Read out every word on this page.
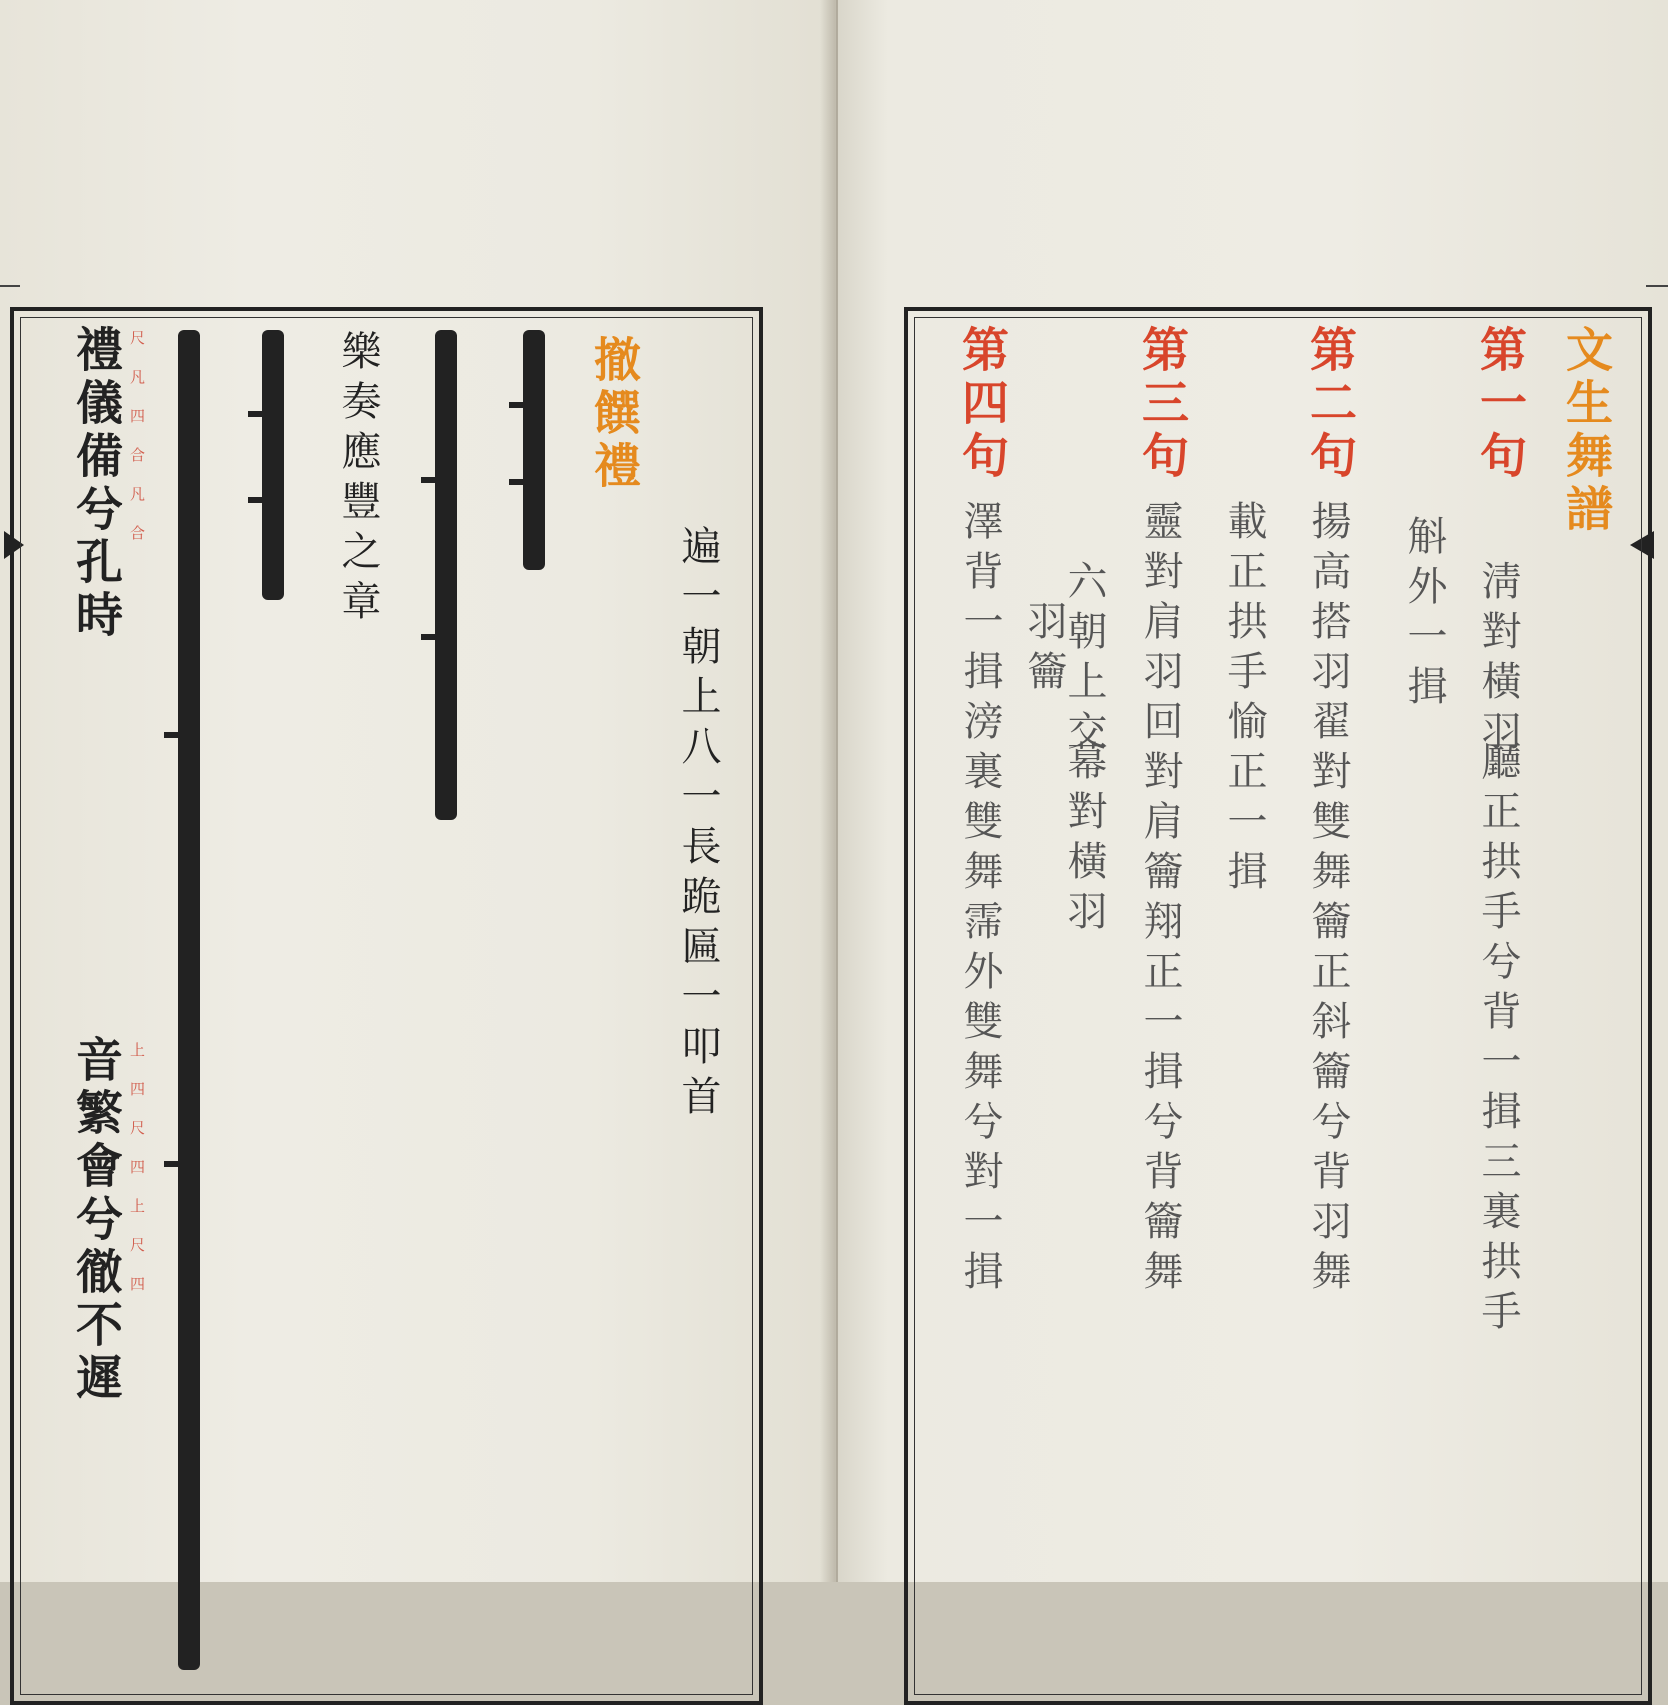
撤饌禮
遍一朝上八一長跪匾一叩首
樂奏應豐之章
禮儀備兮孔時 尺凡四合凡合
音繁會兮徹不遲 上四尺四上尺四
文生舞譜
第一句
淸對橫羽
斛外一揖
㕔正拱手兮背一揖三裏拱手
第二句
揚高搭羽翟對雙舞籥正斜籥兮背羽舞
載正拱手愉正一揖
第三句
靈對肩羽回對肩籥翔正一揖兮背籥舞
六朝上交
羽籥
幕對橫羽
第四句
澤背一揖滂裏雙舞霈外雙舞兮對一揖
